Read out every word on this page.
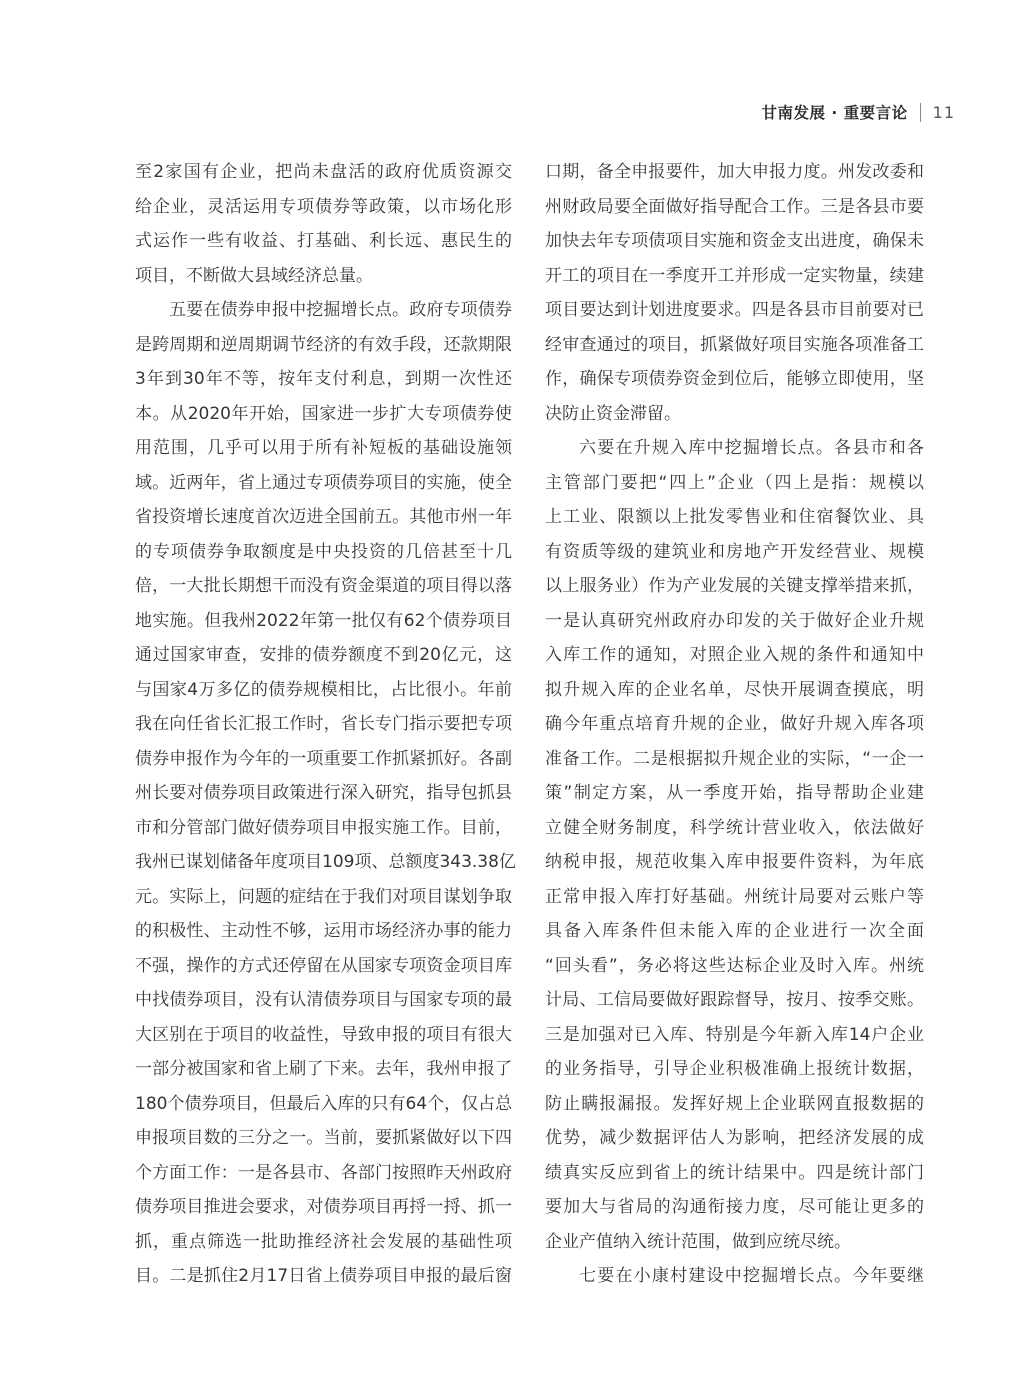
甘南发展 · 重要言论 11
至2家国有企业，把尚未盘活的政府优质资源交
给企业，灵活运用专项债券等政策，以市场化形
式运作一些有收益、打基础、利长远、惠民生的
项目，不断做大县域经济总量。
五要在债券申报中挖掘增长点。政府专项债券
是跨周期和逆周期调节经济的有效手段，还款期限
3年到30年不等，按年支付利息，到期一次性还
本。从2020年开始，国家进一步扩大专项债券使
用范围，几乎可以用于所有补短板的基础设施领
域。近两年，省上通过专项债券项目的实施，使全
省投资增长速度首次迈进全国前五。其他市州一年
的专项债券争取额度是中央投资的几倍甚至十几
倍，一大批长期想干而没有资金渠道的项目得以落
地实施。但我州2022年第一批仅有62个债券项目
通过国家审查，安排的债券额度不到20亿元，这
与国家4万多亿的债券规模相比，占比很小。年前
我在向任省长汇报工作时，省长专门指示要把专项
债券申报作为今年的一项重要工作抓紧抓好。各副
州长要对债券项目政策进行深入研究，指导包抓县
市和分管部门做好债券项目申报实施工作。目前，
我州已谋划储备年度项目109项、总额度343.38亿
元。实际上，问题的症结在于我们对项目谋划争取
的积极性、主动性不够，运用市场经济办事的能力
不强，操作的方式还停留在从国家专项资金项目库
中找债券项目，没有认清债券项目与国家专项的最
大区别在于项目的收益性，导致申报的项目有很大
一部分被国家和省上刷了下来。去年，我州申报了
180个债券项目，但最后入库的只有64个，仅占总
申报项目数的三分之一。当前，要抓紧做好以下四
个方面工作：一是各县市、各部门按照昨天州政府
债券项目推进会要求，对债券项目再捋一捋、抓一
抓，重点筛选一批助推经济社会发展的基础性项
目。二是抓住2月17日省上债券项目申报的最后窗
口期，备全申报要件，加大申报力度。州发改委和
州财政局要全面做好指导配合工作。三是各县市要
加快去年专项债项目实施和资金支出进度，确保未
开工的项目在一季度开工并形成一定实物量，续建
项目要达到计划进度要求。四是各县市目前要对已
经审查通过的项目，抓紧做好项目实施各项准备工
作，确保专项债券资金到位后，能够立即使用，坚
决防止资金滞留。
六要在升规入库中挖掘增长点。各县市和各
主管部门要把“四上”企业（四上是指：规模以
上工业、限额以上批发零售业和住宿餐饮业、具
有资质等级的建筑业和房地产开发经营业、规模
以上服务业）作为产业发展的关键支撑举措来抓，
一是认真研究州政府办印发的关于做好企业升规
入库工作的通知，对照企业入规的条件和通知中
拟升规入库的企业名单，尽快开展调查摸底，明
确今年重点培育升规的企业，做好升规入库各项
准备工作。二是根据拟升规企业的实际，“一企一
策”制定方案，从一季度开始，指导帮助企业建
立健全财务制度，科学统计营业收入，依法做好
纳税申报，规范收集入库申报要件资料，为年底
正常申报入库打好基础。州统计局要对云账户等
具备入库条件但未能入库的企业进行一次全面
“回头看”，务必将这些达标企业及时入库。州统
计局、工信局要做好跟踪督导，按月、按季交账。
三是加强对已入库、特别是今年新入库14户企业
的业务指导，引导企业积极准确上报统计数据，
防止瞒报漏报。发挥好规上企业联网直报数据的
优势，减少数据评估人为影响，把经济发展的成
绩真实反应到省上的统计结果中。四是统计部门
要加大与省局的沟通衔接力度，尽可能让更多的
企业产值纳入统计范围，做到应统尽统。
七要在小康村建设中挖掘增长点。今年要继
